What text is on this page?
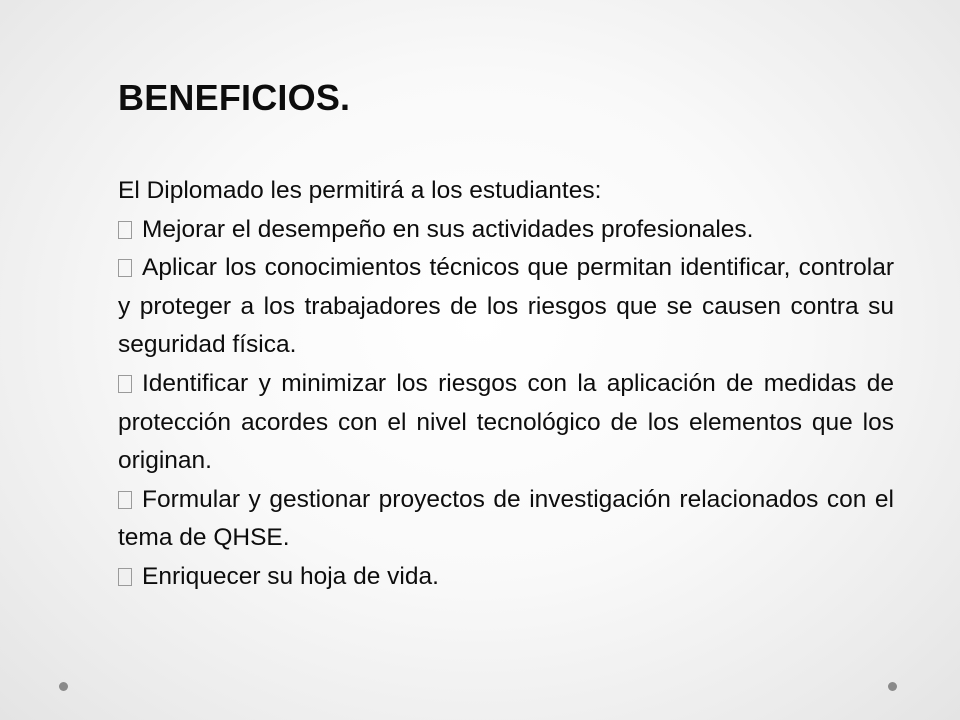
BENEFICIOS.

El Diplomado les permitirá a los estudiantes:

Mejorar el desempeño en sus actividades profesionales.

Aplicar los conocimientos técnicos que permitan identificar, controlar y proteger a los trabajadores de los riesgos que se causen contra su seguridad física.

Identificar y minimizar los riesgos con la aplicación de medidas de protección acordes con el nivel tecnológico de los elementos que los originan.

Formular y gestionar proyectos de investigación relacionados con el tema de QHSE.

Enriquecer su hoja de vida.
